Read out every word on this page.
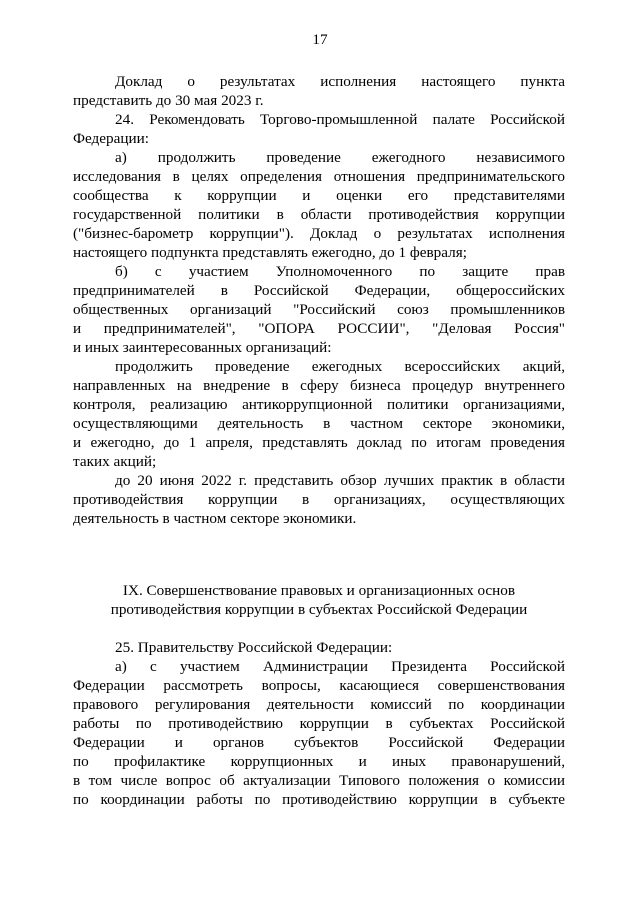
17
Доклад о результатах исполнения настоящего пункта
представить до 30 мая 2023 г.
24. Рекомендовать Торгово-промышленной палате Российской
Федерации:
а) продолжить проведение ежегодного независимого
исследования в целях определения отношения предпринимательского
сообщества к коррупции и оценки его представителями
государственной политики в области противодействия коррупции
("бизнес-барометр коррупции"). Доклад о результатах исполнения
настоящего подпункта представлять ежегодно, до 1 февраля;
б) с участием Уполномоченного по защите прав
предпринимателей в Российской Федерации, общероссийских
общественных организаций "Российский союз промышленников
и предпринимателей", "ОПОРА РОССИИ", "Деловая Россия"
и иных заинтересованных организаций:
продолжить проведение ежегодных всероссийских акций,
направленных на внедрение в сферу бизнеса процедур внутреннего
контроля, реализацию антикоррупционной политики организациями,
осуществляющими деятельность в частном секторе экономики,
и ежегодно, до 1 апреля, представлять доклад по итогам проведения
таких акций;
до 20 июня 2022 г. представить обзор лучших практик в области
противодействия коррупции в организациях, осуществляющих
деятельность в частном секторе экономики.
IX. Совершенствование правовых и организационных основ
противодействия коррупции в субъектах Российской Федерации
25. Правительству Российской Федерации:
а) с участием Администрации Президента Российской
Федерации рассмотреть вопросы, касающиеся совершенствования
правового регулирования деятельности комиссий по координации
работы по противодействию коррупции в субъектах Российской
Федерации и органов субъектов Российской Федерации
по профилактике коррупционных и иных правонарушений,
в том числе вопрос об актуализации Типового положения о комиссии
по координации работы по противодействию коррупции в субъекте
